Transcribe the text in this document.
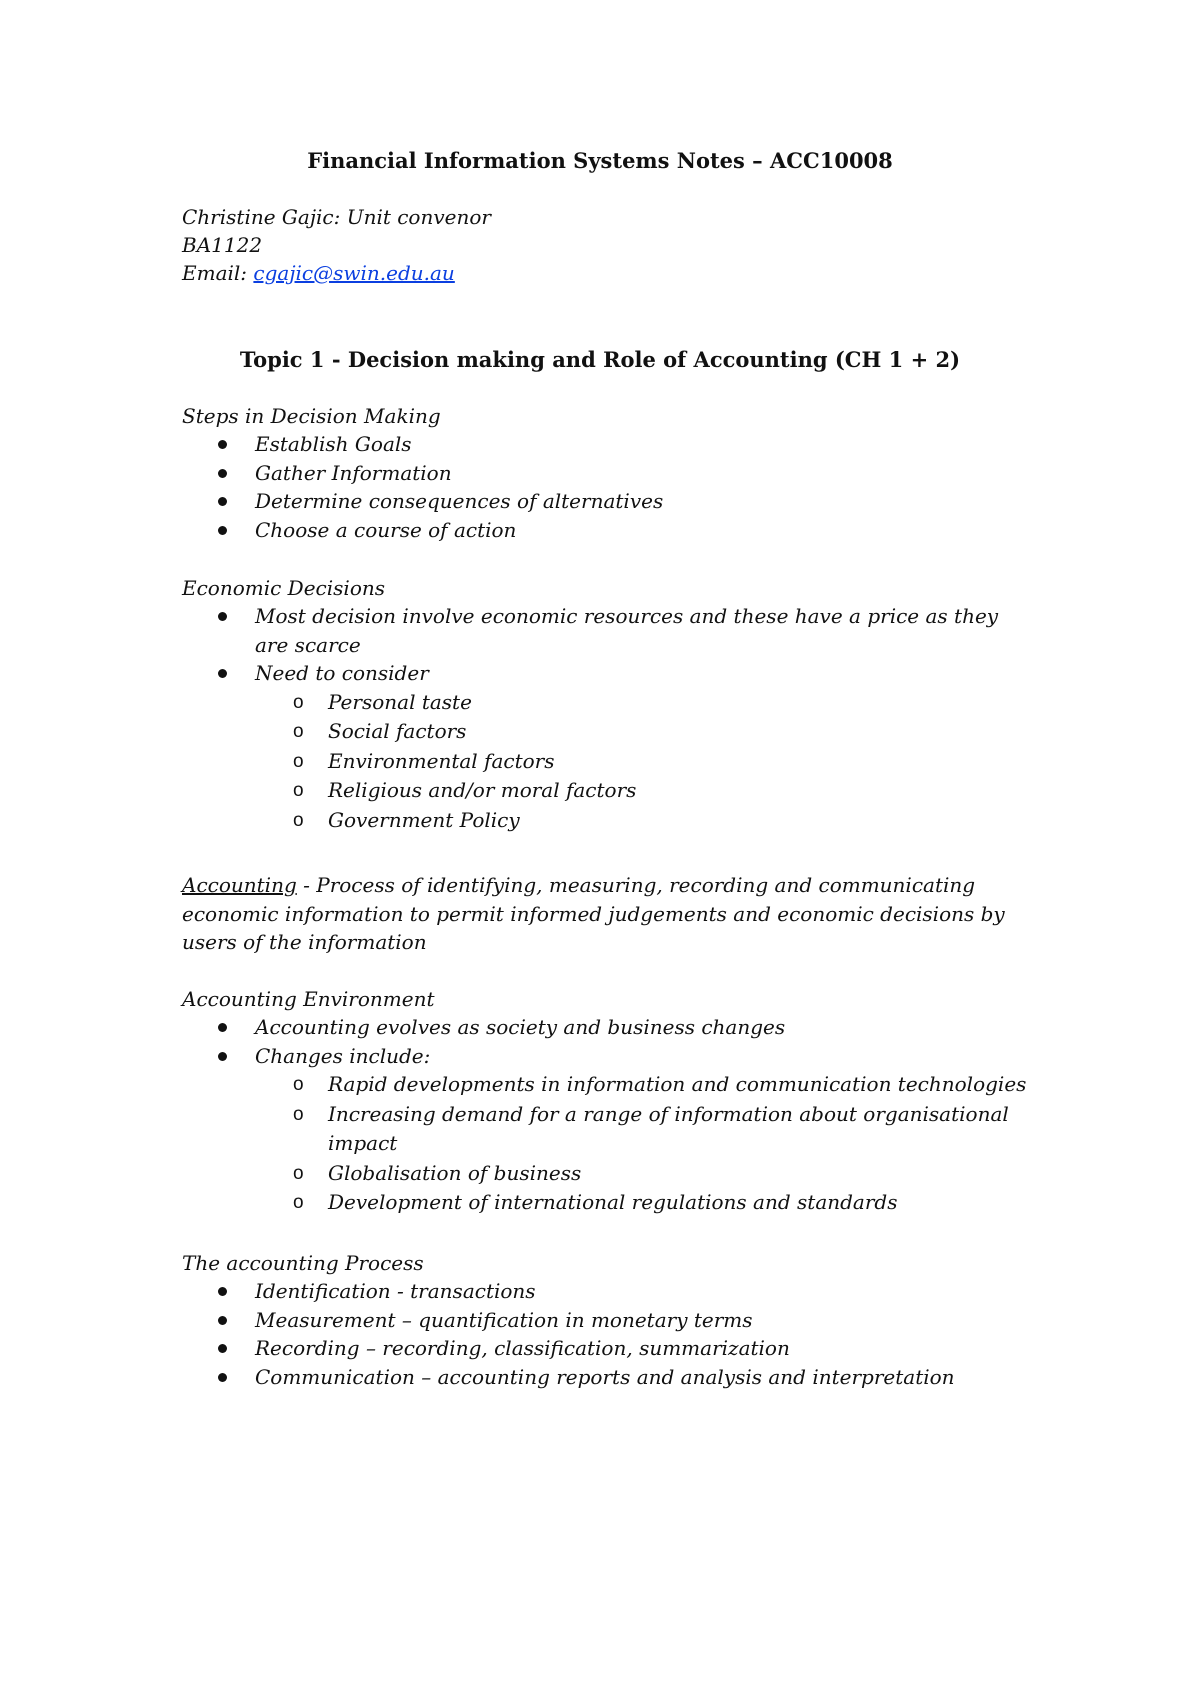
Financial Information Systems Notes – ACC10008

Christine Gajic: Unit convenor

BA1122

Email: cgajic@swin.edu.au

Topic 1 - Decision making and Role of Accounting (CH 1 + 2)

Steps in Decision Making

Establish Goals
Gather Information
Determine consequences of alternatives
Choose a course of action

Economic Decisions

Most decision involve economic resources and these have a price as they are scarce
Need to consider
o Personal taste
o Social factors
o Environmental factors
o Religious and/or moral factors
o Government Policy

Accounting - Process of identifying, measuring, recording and communicating economic information to permit informed judgements and economic decisions by users of the information

Accounting Environment

Accounting evolves as society and business changes
Changes include:
o Rapid developments in information and communication technologies
o Increasing demand for a range of information about organisational impact
o Globalisation of business
o Development of international regulations and standards

The accounting Process

Identification - transactions
Measurement – quantification in monetary terms
Recording – recording, classification, summarization
Communication – accounting reports and analysis and interpretation
